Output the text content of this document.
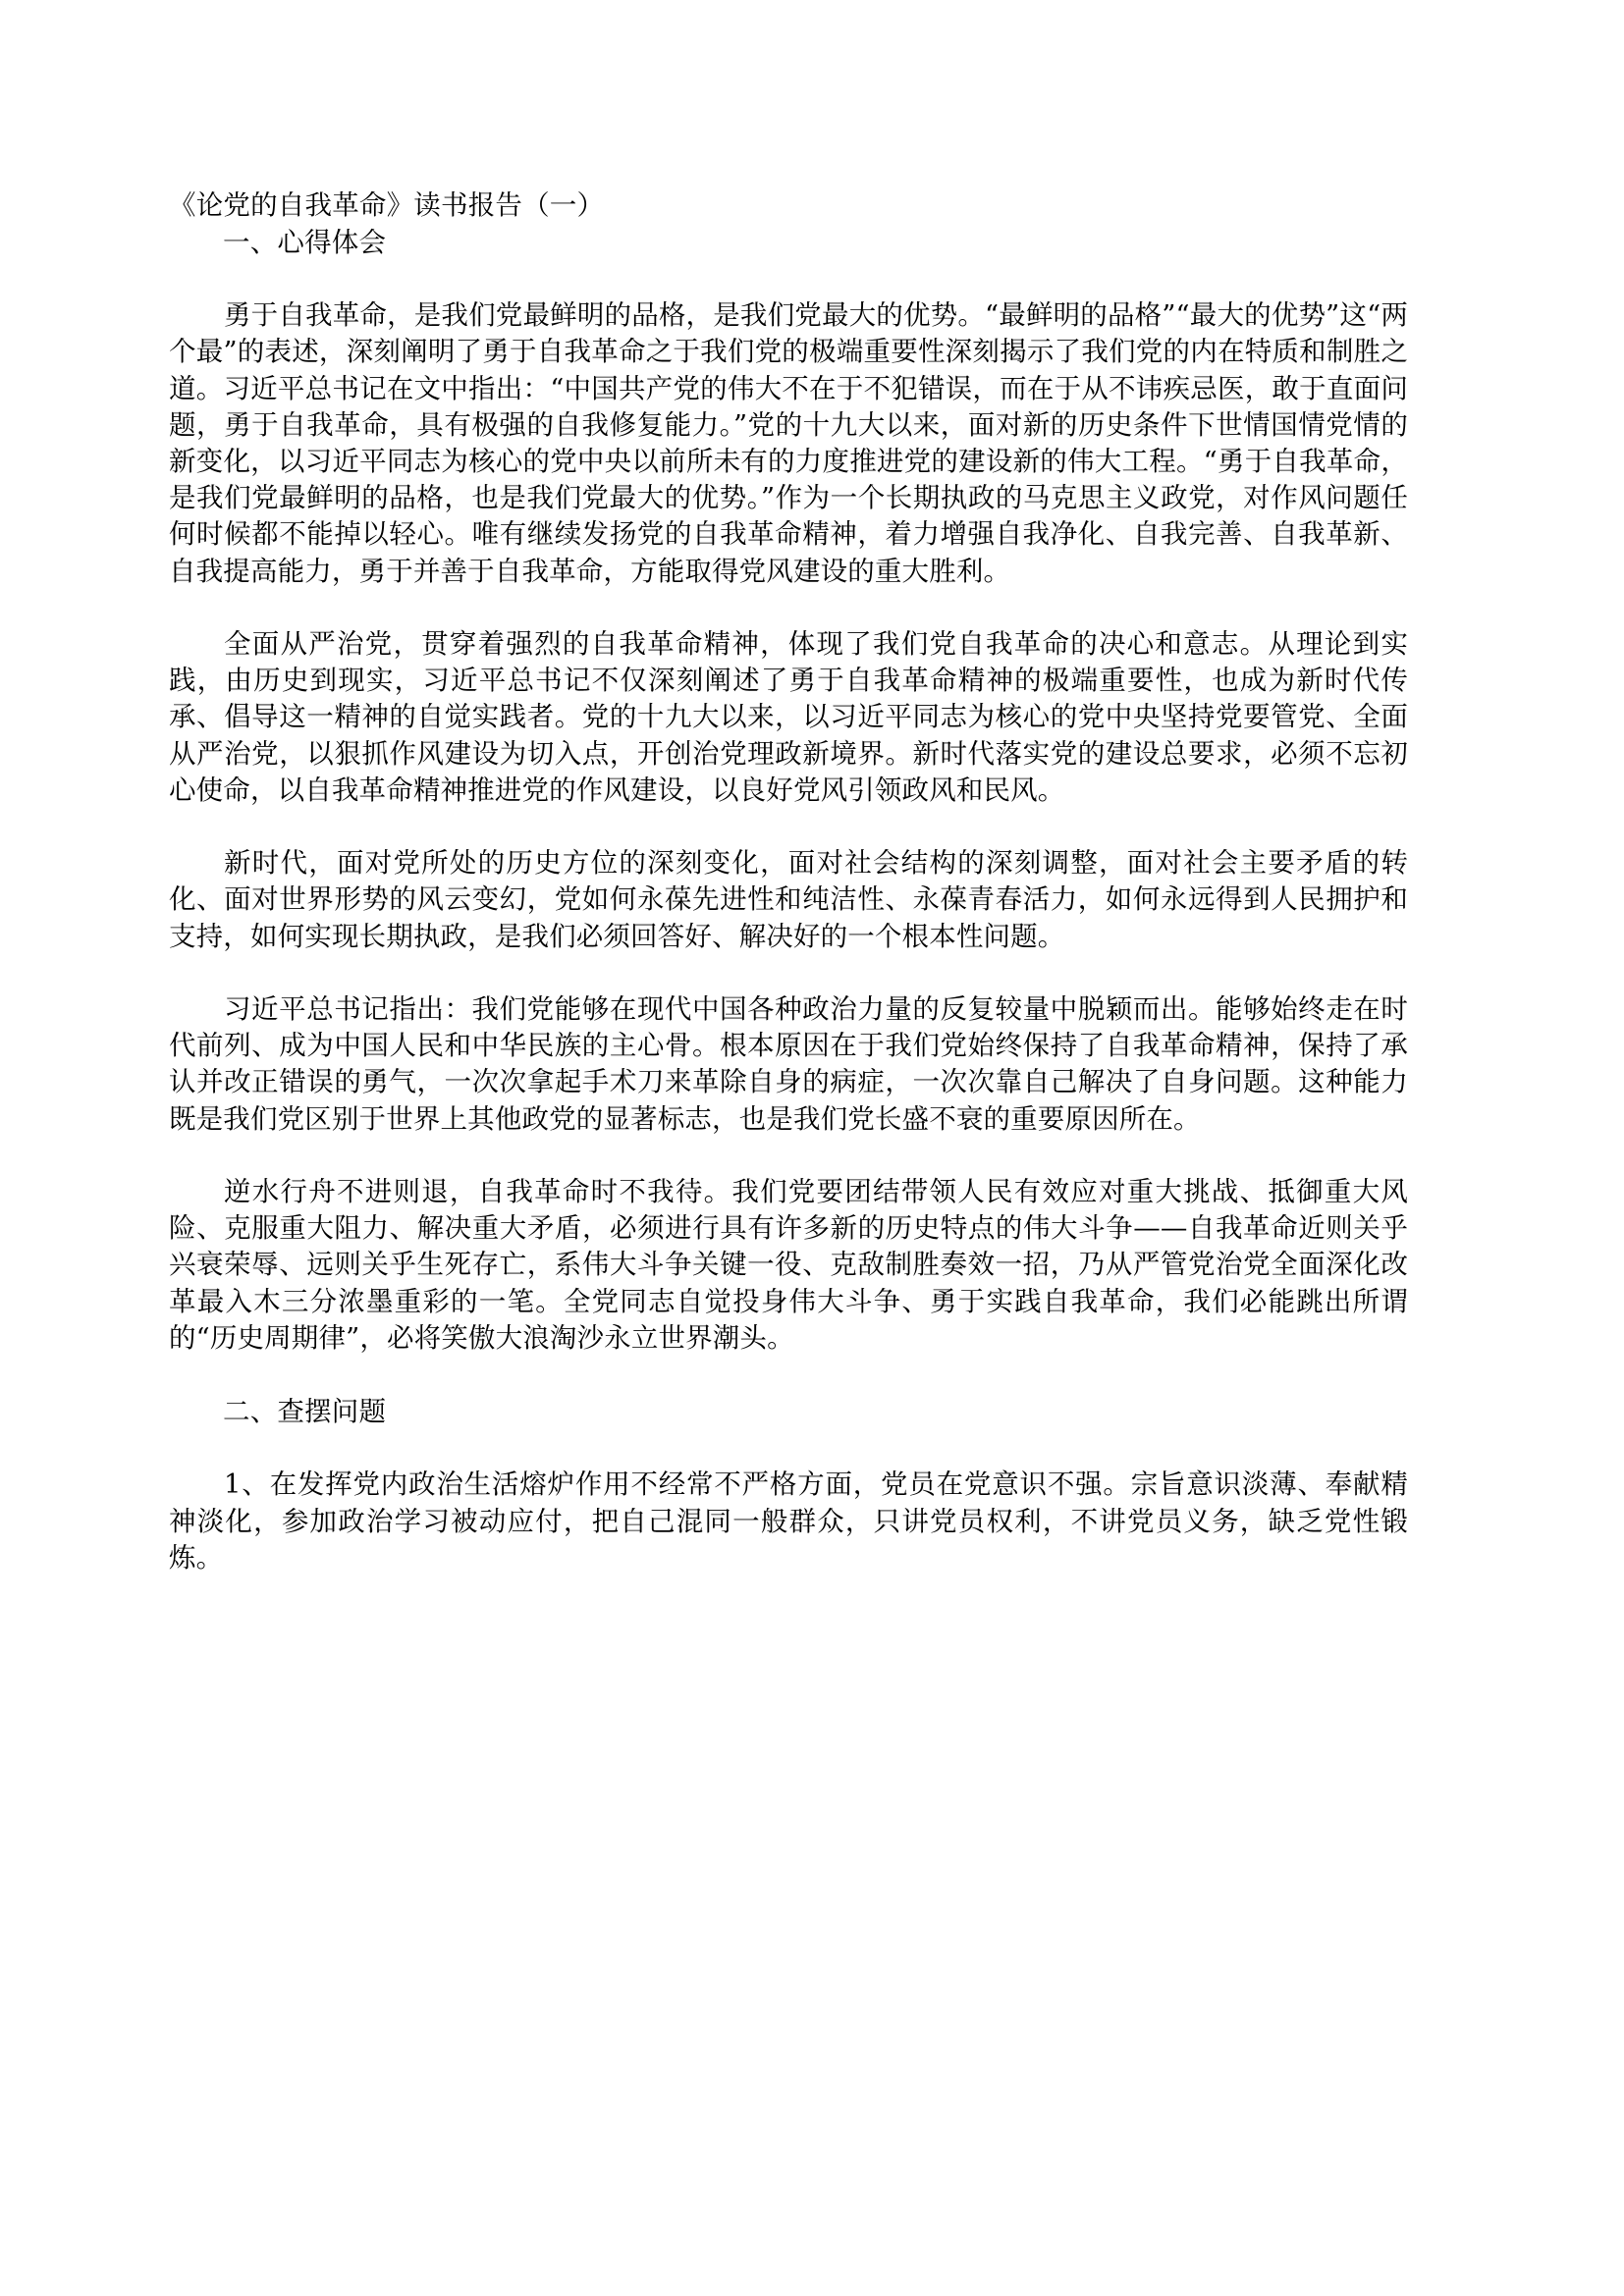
《论党的自我革命》读书报告（一）
一、心得体会

勇于自我革命，是我们党最鲜明的品格，是我们党最大的优势。“最鲜明的品格”“最大的优势”这“两个最”的表述，深刻阐明了勇于自我革命之于我们党的极端重要性深刻揭示了我们党的内在特质和制胜之道。习近平总书记在文中指出：“中国共产党的伟大不在于不犯错误，而在于从不讳疾忌医，敢于直面问题，勇于自我革命，具有极强的自我修复能力。”党的十九大以来，面对新的历史条件下世情国情党情的新变化，以习近平同志为核心的党中央以前所未有的力度推进党的建设新的伟大工程。“勇于自我革命，是我们党最鲜明的品格，也是我们党最大的优势。”作为一个长期执政的马克思主义政党，对作风问题任何时候都不能掉以轻心。唯有继续发扬党的自我革命精神，着力增强自我净化、自我完善、自我革新、自我提高能力，勇于并善于自我革命，方能取得党风建设的重大胜利。

全面从严治党，贯穿着强烈的自我革命精神，体现了我们党自我革命的决心和意志。从理论到实践，由历史到现实，习近平总书记不仅深刻阐述了勇于自我革命精神的极端重要性，也成为新时代传承、倡导这一精神的自觉实践者。党的十九大以来，以习近平同志为核心的党中央坚持党要管党、全面从严治党，以狠抓作风建设为切入点，开创治党理政新境界。新时代落实党的建设总要求，必须不忘初心使命，以自我革命精神推进党的作风建设，以良好党风引领政风和民风。

新时代，面对党所处的历史方位的深刻变化，面对社会结构的深刻调整，面对社会主要矛盾的转化、面对世界形势的风云变幻，党如何永葆先进性和纯洁性、永葆青春活力，如何永远得到人民拥护和支持，如何实现长期执政，是我们必须回答好、解决好的一个根本性问题。

习近平总书记指出：我们党能够在现代中国各种政治力量的反复较量中脱颖而出。能够始终走在时代前列、成为中国人民和中华民族的主心骨。根本原因在于我们党始终保持了自我革命精神，保持了承认并改正错误的勇气，一次次拿起手术刀来革除自身的病症，一次次靠自己解决了自身问题。这种能力既是我们党区别于世界上其他政党的显著标志，也是我们党长盛不衰的重要原因所在。

逆水行舟不进则退，自我革命时不我待。我们党要团结带领人民有效应对重大挑战、抵御重大风险、克服重大阻力、解决重大矛盾，必须进行具有许多新的历史特点的伟大斗争——自我革命近则关乎兴衰荣辱、远则关乎生死存亡，系伟大斗争关键一役、克敌制胜奏效一招，乃从严管党治党全面深化改革最入木三分浓墨重彩的一笔。全党同志自觉投身伟大斗争、勇于实践自我革命，我们必能跳出所谓的“历史周期律”，必将笑傲大浪淘沙永立世界潮头。

二、查摆问题

1、在发挥党内政治生活熔炉作用不经常不严格方面，党员在党意识不强。宗旨意识淡薄、奉献精神淡化，参加政治学习被动应付，把自己混同一般群众，只讲党员权利，不讲党员义务，缺乏党性锻炼。
